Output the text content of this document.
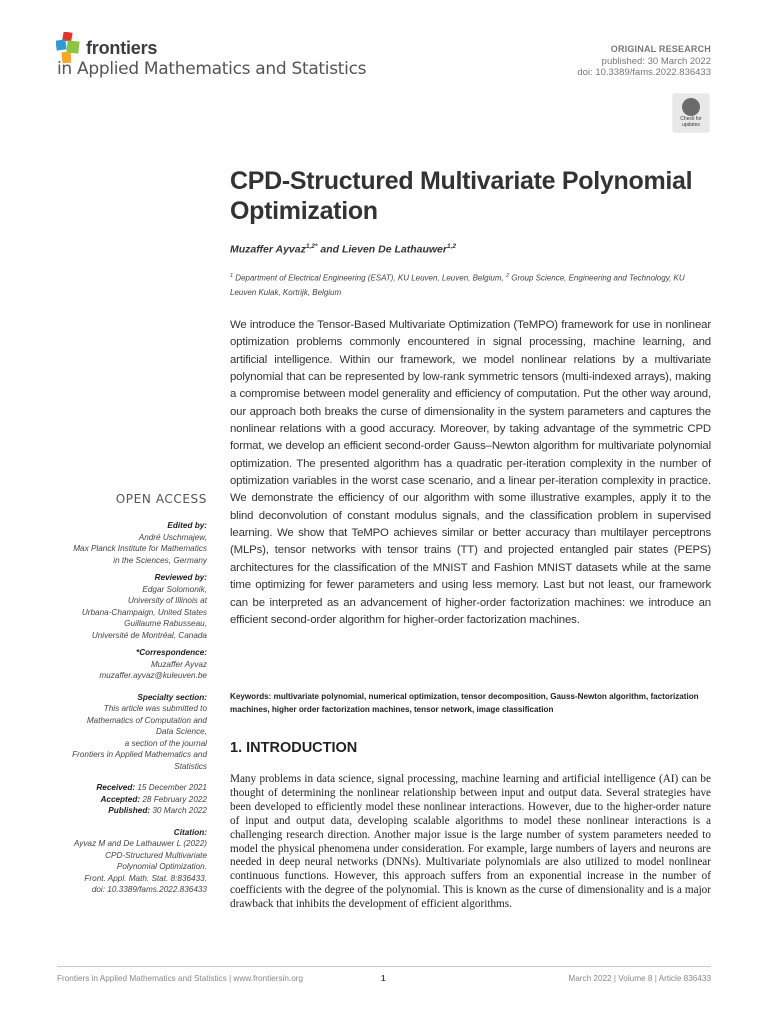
frontiers
in Applied Mathematics and Statistics
ORIGINAL RESEARCH
published: 30 March 2022
doi: 10.3389/fams.2022.836433
Check for updates
CPD-Structured Multivariate Polynomial Optimization
Muzaffer Ayvaz$^{1,2*}$ and Lieven De Lathauwer$^{1,2}$
$^1$ Department of Electrical Engineering (ESAT), KU Leuven, Leuven, Belgium, $^2$ Group Science, Engineering and Technology, KU Leuven Kulak, Kortrijk, Belgium
We introduce the Tensor-Based Multivariate Optimization (TeMPO) framework for use in nonlinear optimization problems commonly encountered in signal processing, machine learning, and artificial intelligence. Within our framework, we model nonlinear relations by a multivariate polynomial that can be represented by low-rank symmetric tensors (multi-indexed arrays), making a compromise between model generality and efficiency of computation. Put the other way around, our approach both breaks the curse of dimensionality in the system parameters and captures the nonlinear relations with a good accuracy. Moreover, by taking advantage of the symmetric CPD format, we develop an efficient second-order Gauss–Newton algorithm for multivariate polynomial optimization. The presented algorithm has a quadratic per-iteration complexity in the number of optimization variables in the worst case scenario, and a linear per-iteration complexity in practice. We demonstrate the efficiency of our algorithm with some illustrative examples, apply it to the blind deconvolution of constant modulus signals, and the classification problem in supervised learning. We show that TeMPO achieves similar or better accuracy than multilayer perceptrons (MLPs), tensor networks with tensor trains (TT) and projected entangled pair states (PEPS) architectures for the classification of the MNIST and Fashion MNIST datasets while at the same time optimizing for fewer parameters and using less memory. Last but not least, our framework can be interpreted as an advancement of higher-order factorization machines: we introduce an efficient second-order algorithm for higher-order factorization machines.
Keywords: multivariate polynomial, numerical optimization, tensor decomposition, Gauss-Newton algorithm, factorization machines, higher order factorization machines, tensor network, image classification
1. INTRODUCTION
Many problems in data science, signal processing, machine learning and artificial intelligence (AI) can be thought of determining the nonlinear relationship between input and output data. Several strategies have been developed to efficiently model these nonlinear interactions. However, due to the higher-order nature of input and output data, developing scalable algorithms to model these nonlinear interactions is a challenging research direction. Another major issue is the large number of system parameters needed to model the physical phenomena under consideration. For example, large numbers of layers and neurons are needed in deep neural networks (DNNs). Multivariate polynomials are also utilized to model nonlinear continuous functions. However, this approach suffers from an exponential increase in the number of coefficients with the degree of the polynomial. This is known as the curse of dimensionality and is a major drawback that inhibits the development of efficient algorithms.
OPEN ACCESS
Edited by:
André Uschmajew,
Max Planck Institute for Mathematics
in the Sciences, Germany
Reviewed by:
Edgar Solomonik,
University of Illinois at
Urbana-Champaign, United States
Guillaume Rabusseau,
Université de Montréal, Canada
*Correspondence:
Muzaffer Ayvaz
muzaffer.ayvaz@kuleuven.be
Specialty section:
This article was submitted to
Mathematics of Computation and
Data Science,
a section of the journal
Frontiers in Applied Mathematics and
Statistics
Received: 15 December 2021
Accepted: 28 February 2022
Published: 30 March 2022
Citation:
Ayvaz M and De Lathauwer L (2022)
CPD-Structured Multivariate
Polynomial Optimization.
Front. Appl. Math. Stat. 8:836433.
doi: 10.3389/fams.2022.836433
Frontiers in Applied Mathematics and Statistics | www.frontiersin.org	1	March 2022 | Volume 8 | Article 836433
